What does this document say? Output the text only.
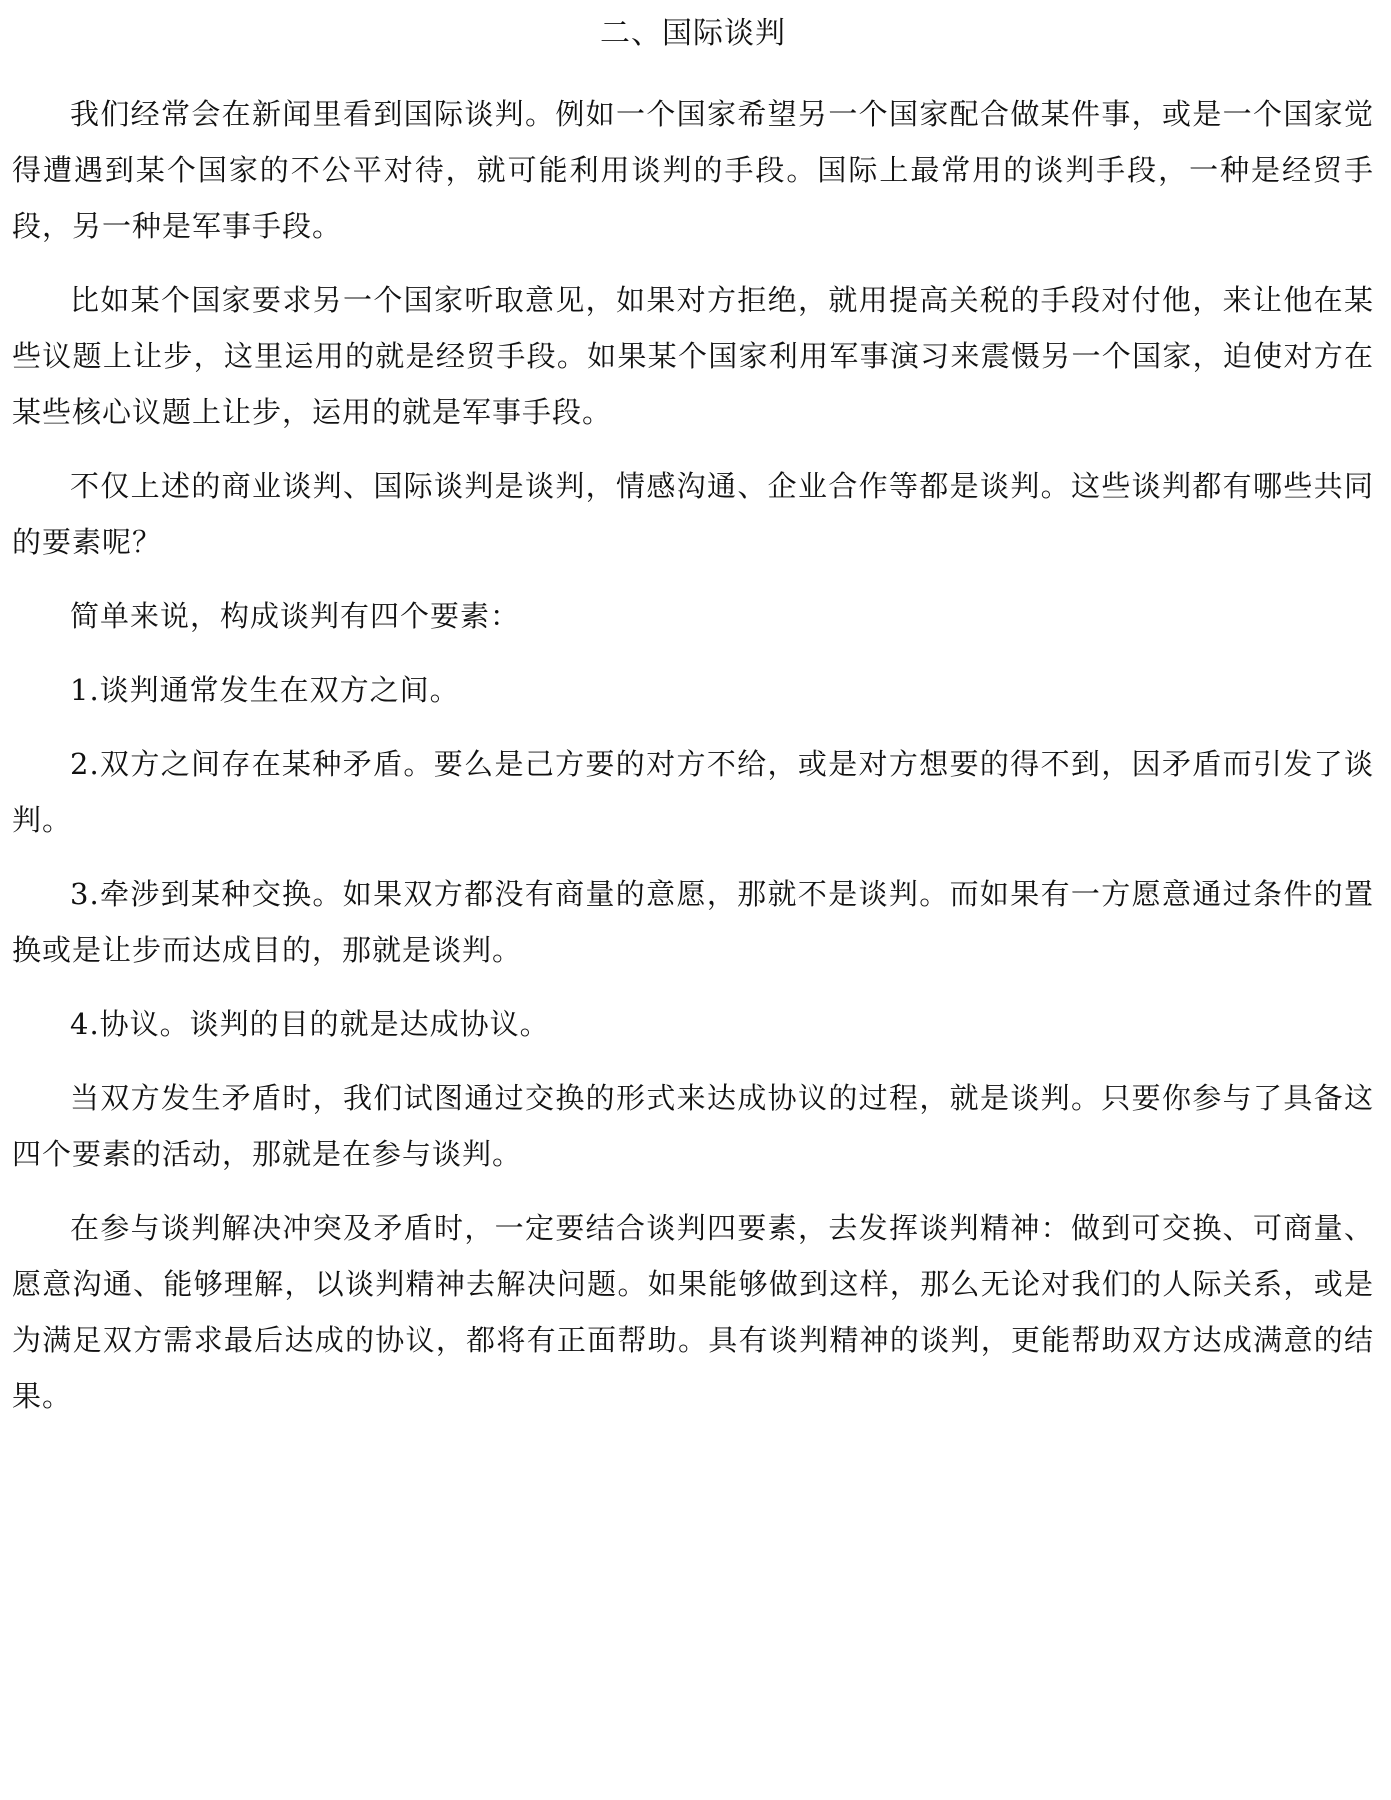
二、国际谈判

我们经常会在新闻里看到国际谈判。例如一个国家希望另一个国家配合做某件事，或是一个国家觉得遭遇到某个国家的不公平对待，就可能利用谈判的手段。国际上最常用的谈判手段，一种是经贸手段，另一种是军事手段。

比如某个国家要求另一个国家听取意见，如果对方拒绝，就用提高关税的手段对付他，来让他在某些议题上让步，这里运用的就是经贸手段。如果某个国家利用军事演习来震慑另一个国家，迫使对方在某些核心议题上让步，运用的就是军事手段。

不仅上述的商业谈判、国际谈判是谈判，情感沟通、企业合作等都是谈判。这些谈判都有哪些共同的要素呢？

简单来说，构成谈判有四个要素：

1.谈判通常发生在双方之间。

2.双方之间存在某种矛盾。要么是己方要的对方不给，或是对方想要的得不到，因矛盾而引发了谈判。

3.牵涉到某种交换。如果双方都没有商量的意愿，那就不是谈判。而如果有一方愿意通过条件的置换或是让步而达成目的，那就是谈判。

4.协议。谈判的目的就是达成协议。

当双方发生矛盾时，我们试图通过交换的形式来达成协议的过程，就是谈判。只要你参与了具备这四个要素的活动，那就是在参与谈判。

在参与谈判解决冲突及矛盾时，一定要结合谈判四要素，去发挥谈判精神：做到可交换、可商量、愿意沟通、能够理解，以谈判精神去解决问题。如果能够做到这样，那么无论对我们的人际关系，或是为满足双方需求最后达成的协议，都将有正面帮助。具有谈判精神的谈判，更能帮助双方达成满意的结果。
